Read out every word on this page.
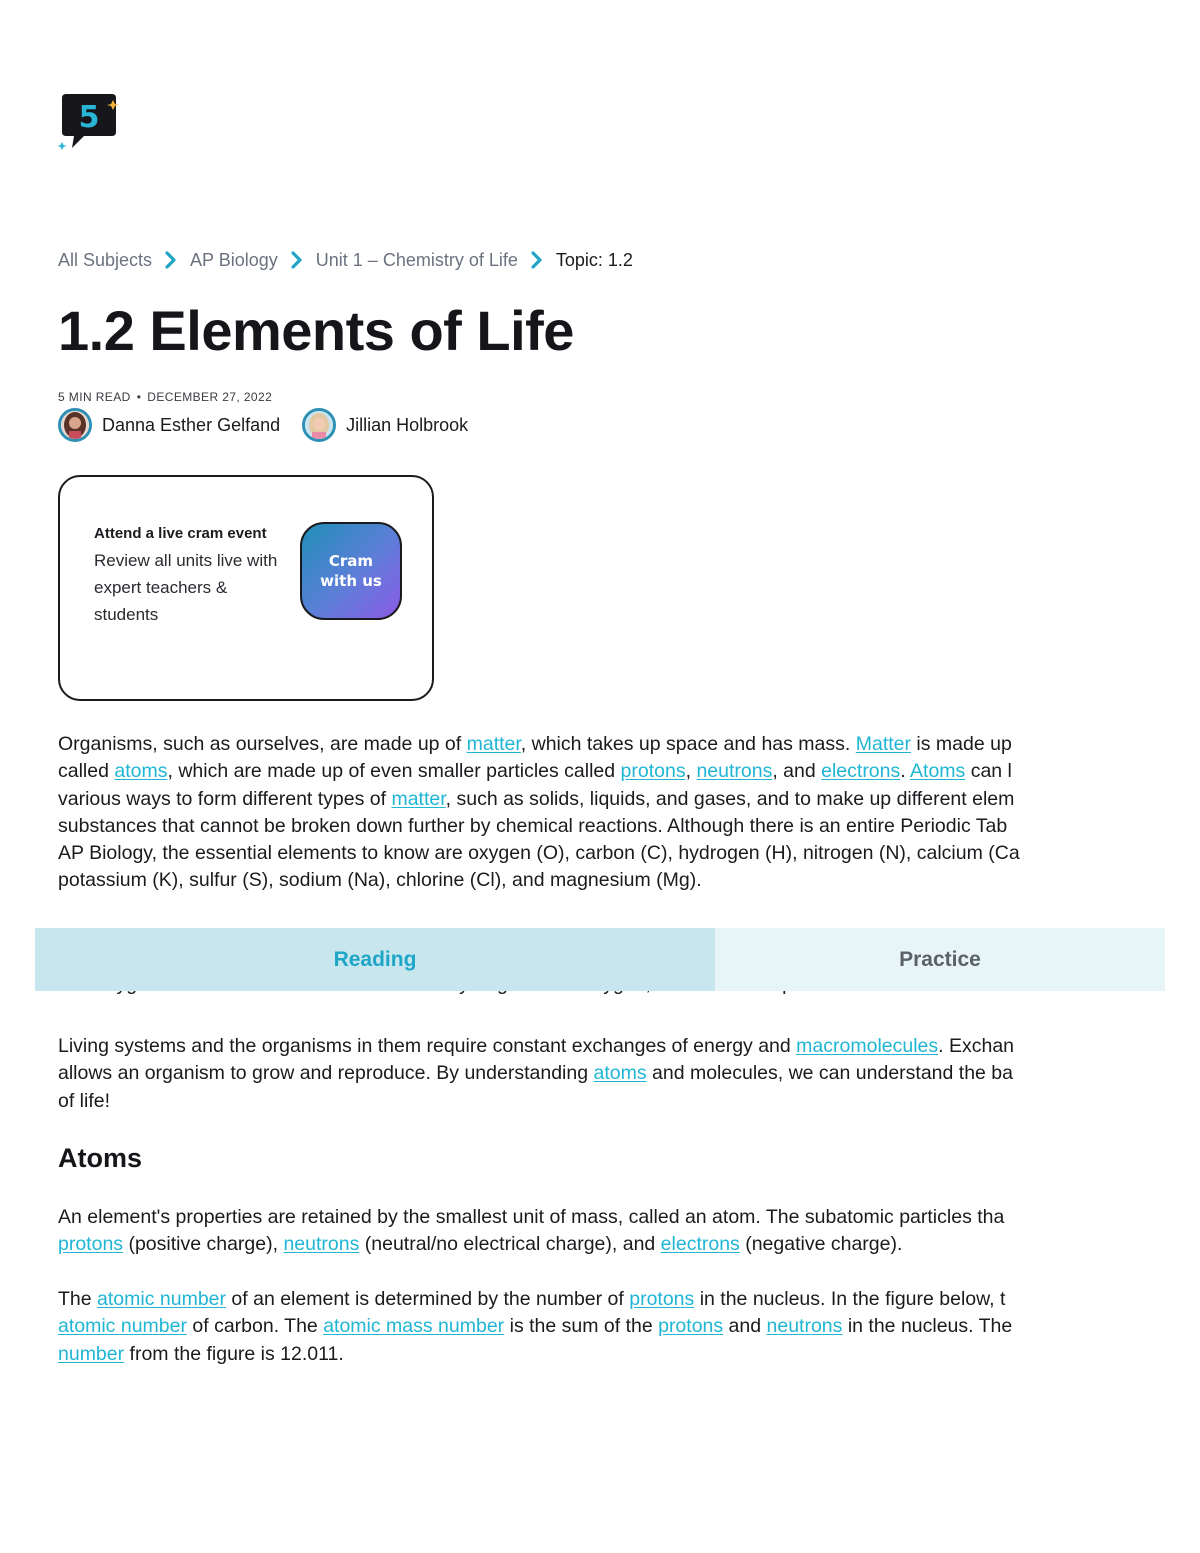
5
All Subjects AP Biology Unit 1 – Chemistry of Life Topic: 1.2
1.2 Elements of Life
5 MIN READ • DECEMBER 27, 2022
Danna Esther Gelfand	Jillian Holbrook
Attend a live cram event
Review all units live with expert teachers & students
Cram with us
Organisms, such as ourselves, are made up of matter, which takes up space and has mass. Matter is made up
called atoms, which are made up of even smaller particles called protons, neutrons, and electrons. Atoms can l
various ways to form different types of matter, such as solids, liquids, and gases, and to make up different elem
substances that cannot be broken down further by chemical reactions. Although there is an entire Periodic Tab
AP Biology, the essential elements to know are oxygen (O), carbon (C), hydrogen (H), nitrogen (N), calcium (Ca
potassium (K), sulfur (S), sodium (Na), chlorine (Cl), and magnesium (Mg).
Reading	Practice
Living systems and the organisms in them require constant exchanges of energy and macromolecules. Exchan
allows an organism to grow and reproduce. By understanding atoms and molecules, we can understand the ba
of life!
Atoms
An element's properties are retained by the smallest unit of mass, called an atom. The subatomic particles tha
protons (positive charge), neutrons (neutral/no electrical charge), and electrons (negative charge).
The atomic number of an element is determined by the number of protons in the nucleus. In the figure below, t
atomic number of carbon. The atomic mass number is the sum of the protons and neutrons in the nucleus. The
number from the figure is 12.011.
